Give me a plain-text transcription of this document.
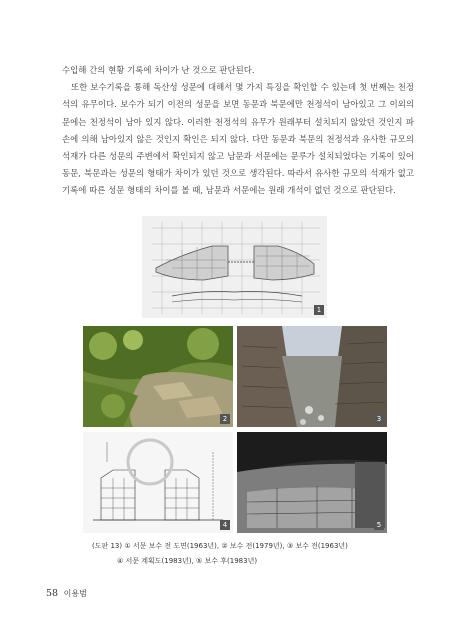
수입해 간의 현황 기록에 차이가 난 것으로 판단된다.

또한 보수기록을 통해 독산성 성문에 대해서 몇 가지 특징을 확인할 수 있는데 첫 번째는 천정석의 유무이다. 보수가 되기 이전의 성문을 보면 동문과 북문에만 천정석이 남아있고 그 이외의 문에는 천정석이 남아 있지 않다. 이러한 천정석의 유무가 원래부터 설치되지 않았던 것인지 파손에 의해 남아있지 않은 것인지 확인은 되지 않다. 다만 동문과 북문의 천정석과 유사한 규모의 석재가 다른 성문의 주변에서 확인되지 않고 남문과 서문에는 문루가 설치되었다는 기록이 있어 동문, 북문과는 성문의 형태가 차이가 있던 것으로 생각된다. 따라서 유사한 규모의 석재가 없고 기록에 따른 성문 형태의 차이를 볼 때, 남문과 서문에는 원래 개석이 없던 것으로 판단된다.

1
2	3
4	5
(도판 13) ① 서문 보수 전 도면(1963년), ② 보수 전(1979년), ③ 보수 전(1963년)
④ 서문 계획도(1983년), ⑤ 보수 후(1983년)
58 이용범
